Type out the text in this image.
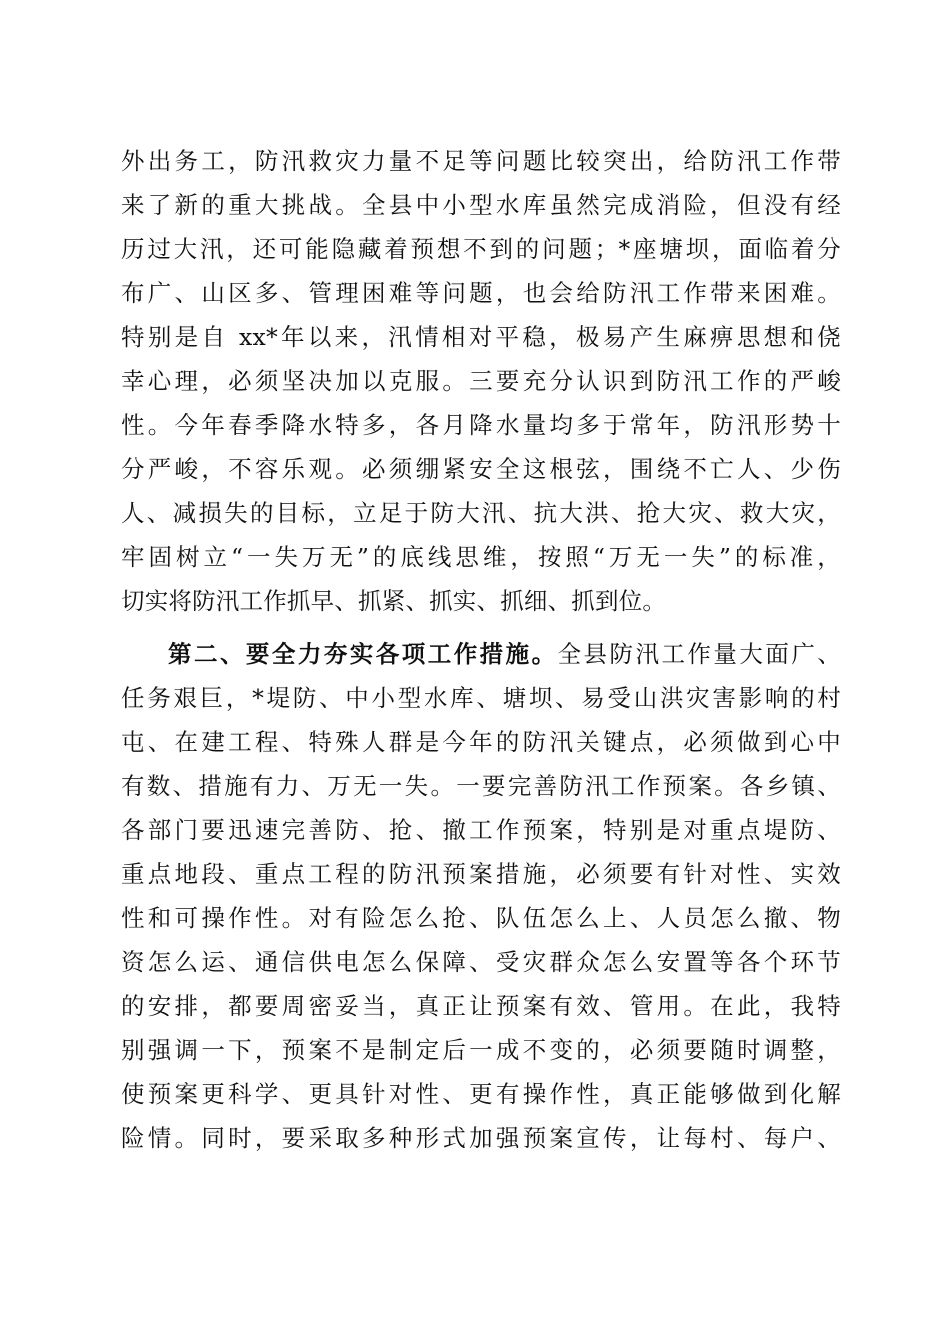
外出务工，防汛救灾力量不足等问题比较突出，给防汛工作带
来了新的重大挑战。全县中小型水库虽然完成消险，但没有经
历过大汛，还可能隐藏着预想不到的问题；*座塘坝，面临着分
布广、山区多、管理困难等问题，也会给防汛工作带来困难。
特别是自 xx*年以来，汛情相对平稳，极易产生麻痹思想和侥
幸心理，必须坚决加以克服。三要充分认识到防汛工作的严峻
性。今年春季降水特多，各月降水量均多于常年，防汛形势十
分严峻，不容乐观。必须绷紧安全这根弦，围绕不亡人、少伤
人、减损失的目标，立足于防大汛、抗大洪、抢大灾、救大灾，
牢固树立“一失万无”的底线思维，按照“万无一失”的标准，
切实将防汛工作抓早、抓紧、抓实、抓细、抓到位。
第二、要全力夯实各项工作措施。全县防汛工作量大面广、
任务艰巨，*堤防、中小型水库、塘坝、易受山洪灾害影响的村
屯、在建工程、特殊人群是今年的防汛关键点，必须做到心中
有数、措施有力、万无一失。一要完善防汛工作预案。各乡镇、
各部门要迅速完善防、抢、撤工作预案，特别是对重点堤防、
重点地段、重点工程的防汛预案措施，必须要有针对性、实效
性和可操作性。对有险怎么抢、队伍怎么上、人员怎么撤、物
资怎么运、通信供电怎么保障、受灾群众怎么安置等各个环节
的安排，都要周密妥当，真正让预案有效、管用。在此，我特
别强调一下，预案不是制定后一成不变的，必须要随时调整，
使预案更科学、更具针对性、更有操作性，真正能够做到化解
险情。同时，要采取多种形式加强预案宣传，让每村、每户、
